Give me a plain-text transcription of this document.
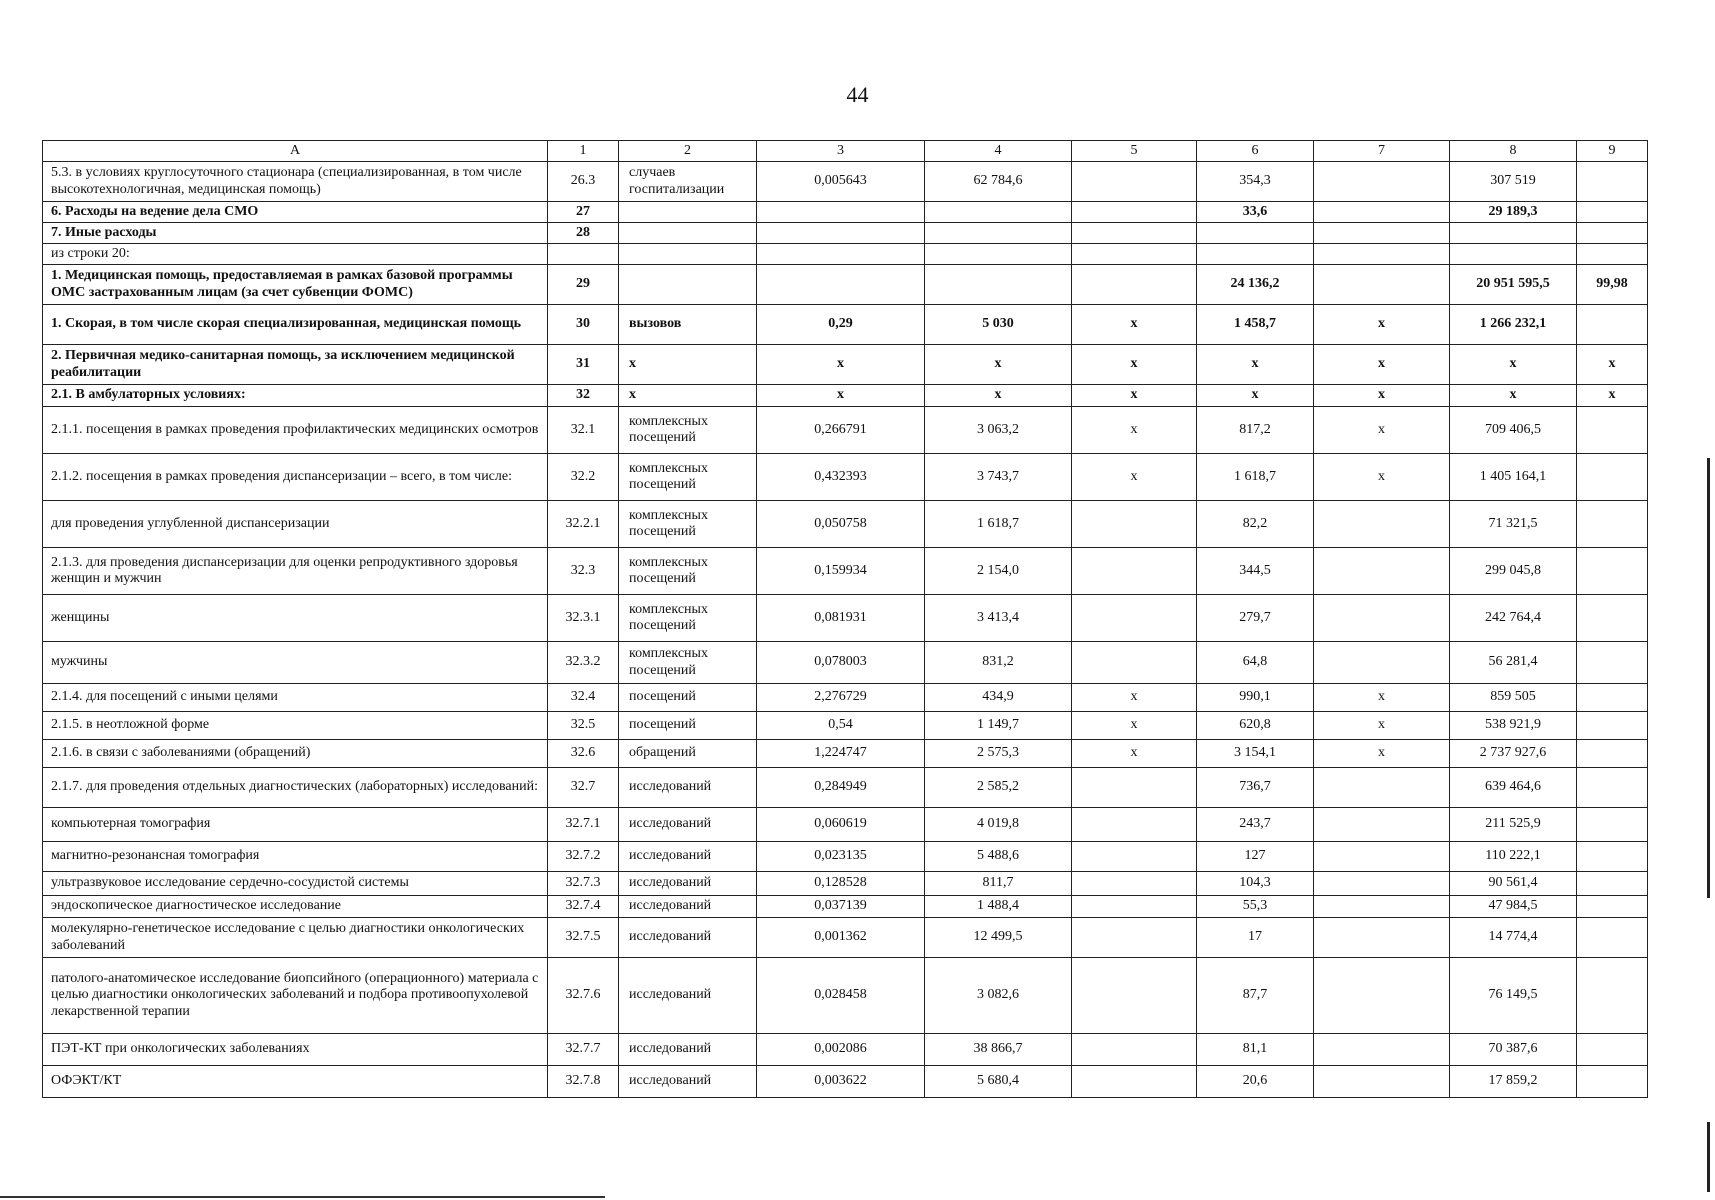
44
А	1	2	3	4	5	6	7	8	9
5.3. в условиях круглосуточного стационара (специализированная, в том числе высокотехнологичная, медицинская помощь)	26.3	случаев госпитализации	0,005643	62 784,6		354,3		307 519	
6. Расходы на ведение дела СМО	27					33,6		29 189,3	
7. Иные расходы	28								
из строки 20:									
1. Медицинская помощь, предоставляемая в рамках базовой программы ОМС застрахованным лицам (за счет субвенции ФОМС)	29					24 136,2		20 951 595,5	99,98
1. Скорая, в том числе скорая специализированная, медицинская помощь	30	вызовов	0,29	5 030	х	1 458,7	х	1 266 232,1	
2. Первичная медико-санитарная помощь, за исключением медицинской реабилитации	31	х	х	х	х	х	х	х	х
2.1. В амбулаторных условиях:	32	х	х	х	х	х	х	х	х
2.1.1. посещения в рамках проведения профилактических медицинских осмотров	32.1	комплексных посещений	0,266791	3 063,2	х	817,2	х	709 406,5	
2.1.2. посещения в рамках проведения диспансеризации – всего, в том числе:	32.2	комплексных посещений	0,432393	3 743,7	х	1 618,7	х	1 405 164,1	
для проведения углубленной диспансеризации	32.2.1	комплексных посещений	0,050758	1 618,7		82,2		71 321,5	
2.1.3. для проведения диспансеризации для оценки репродуктивного здоровья женщин и мужчин	32.3	комплексных посещений	0,159934	2 154,0		344,5		299 045,8	
женщины	32.3.1	комплексных посещений	0,081931	3 413,4		279,7		242 764,4	
мужчины	32.3.2	комплексных посещений	0,078003	831,2		64,8		56 281,4	
2.1.4. для посещений с иными целями	32.4	посещений	2,276729	434,9	х	990,1	х	859 505	
2.1.5. в неотложной форме	32.5	посещений	0,54	1 149,7	х	620,8	х	538 921,9	
2.1.6. в связи с заболеваниями (обращений)	32.6	обращений	1,224747	2 575,3	х	3 154,1	х	2 737 927,6	
2.1.7. для проведения отдельных диагностических (лабораторных) исследований:	32.7	исследований	0,284949	2 585,2		736,7		639 464,6	
компьютерная томография	32.7.1	исследований	0,060619	4 019,8		243,7		211 525,9	
магнитно-резонансная томография	32.7.2	исследований	0,023135	5 488,6		127		110 222,1	
ультразвуковое исследование сердечно-сосудистой системы	32.7.3	исследований	0,128528	811,7		104,3		90 561,4	
эндоскопическое диагностическое исследование	32.7.4	исследований	0,037139	1 488,4		55,3		47 984,5	
молекулярно-генетическое исследование с целью диагностики онкологических заболеваний	32.7.5	исследований	0,001362	12 499,5		17		14 774,4	
патолого-анатомическое исследование биопсийного (операционного) материала с целью диагностики онкологических заболеваний и подбора противоопухолевой лекарственной терапии	32.7.6	исследований	0,028458	3 082,6		87,7		76 149,5	
ПЭТ-КТ при онкологических заболеваниях	32.7.7	исследований	0,002086	38 866,7		81,1		70 387,6	
ОФЭКТ/КТ	32.7.8	исследований	0,003622	5 680,4		20,6		17 859,2	
